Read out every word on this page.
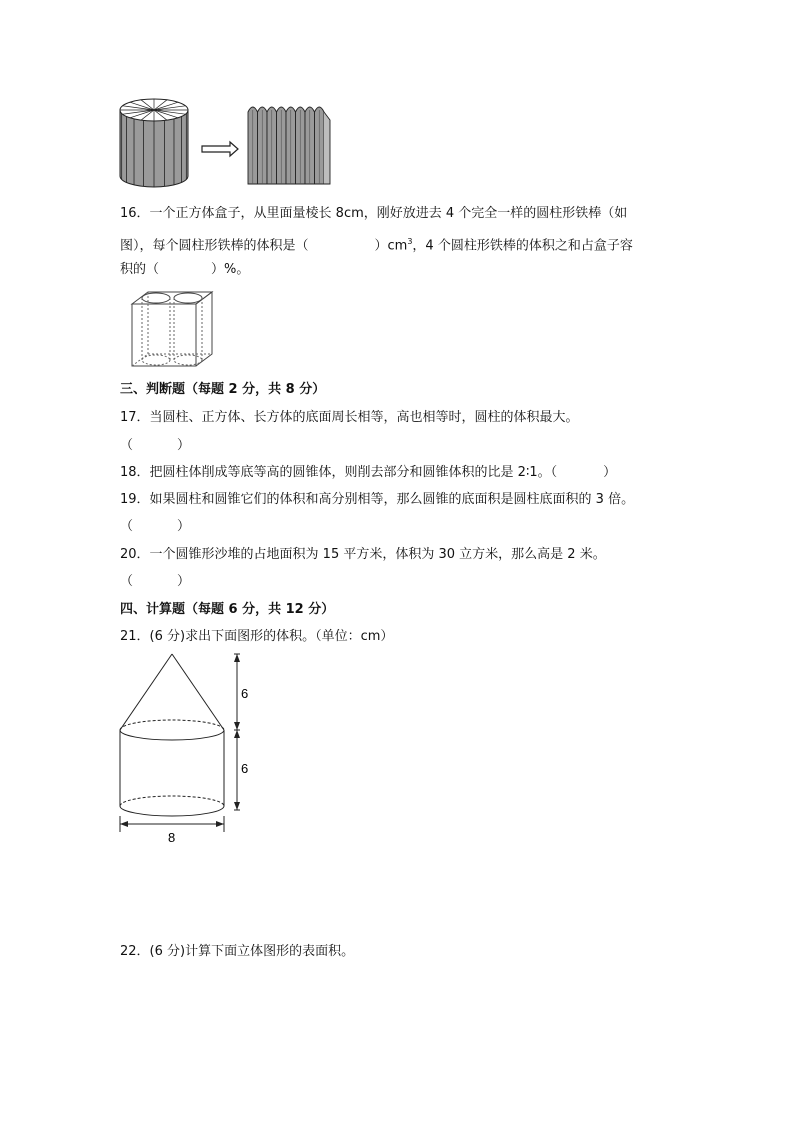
16．一个正方体盒子，从里面量棱长 8cm，刚好放进去 4 个完全一样的圆柱形铁棒（如
图），每个圆柱形铁棒的体积是（	）$cm^3$，4 个圆柱形铁棒的体积之和占盒子容
积的（	）%。
三、判断题（每题 2 分，共 8 分）
17．当圆柱、正方体、长方体的底面周长相等，高也相等时，圆柱的体积最大。
（	）
18．把圆柱体削成等底等高的圆锥体，则削去部分和圆锥体积的比是 2∶1。（	）
19．如果圆柱和圆锥它们的体积和高分别相等，那么圆锥的底面积是圆柱底面积的 3 倍。
（	）
20．一个圆锥形沙堆的占地面积为 15 平方米，体积为 30 立方米，那么高是 2 米。
（	）
四、计算题（每题 6 分，共 12 分）
21．(6 分)求出下面图形的体积。（单位：cm）
6
6
8
22．(6 分)计算下面立体图形的表面积。
